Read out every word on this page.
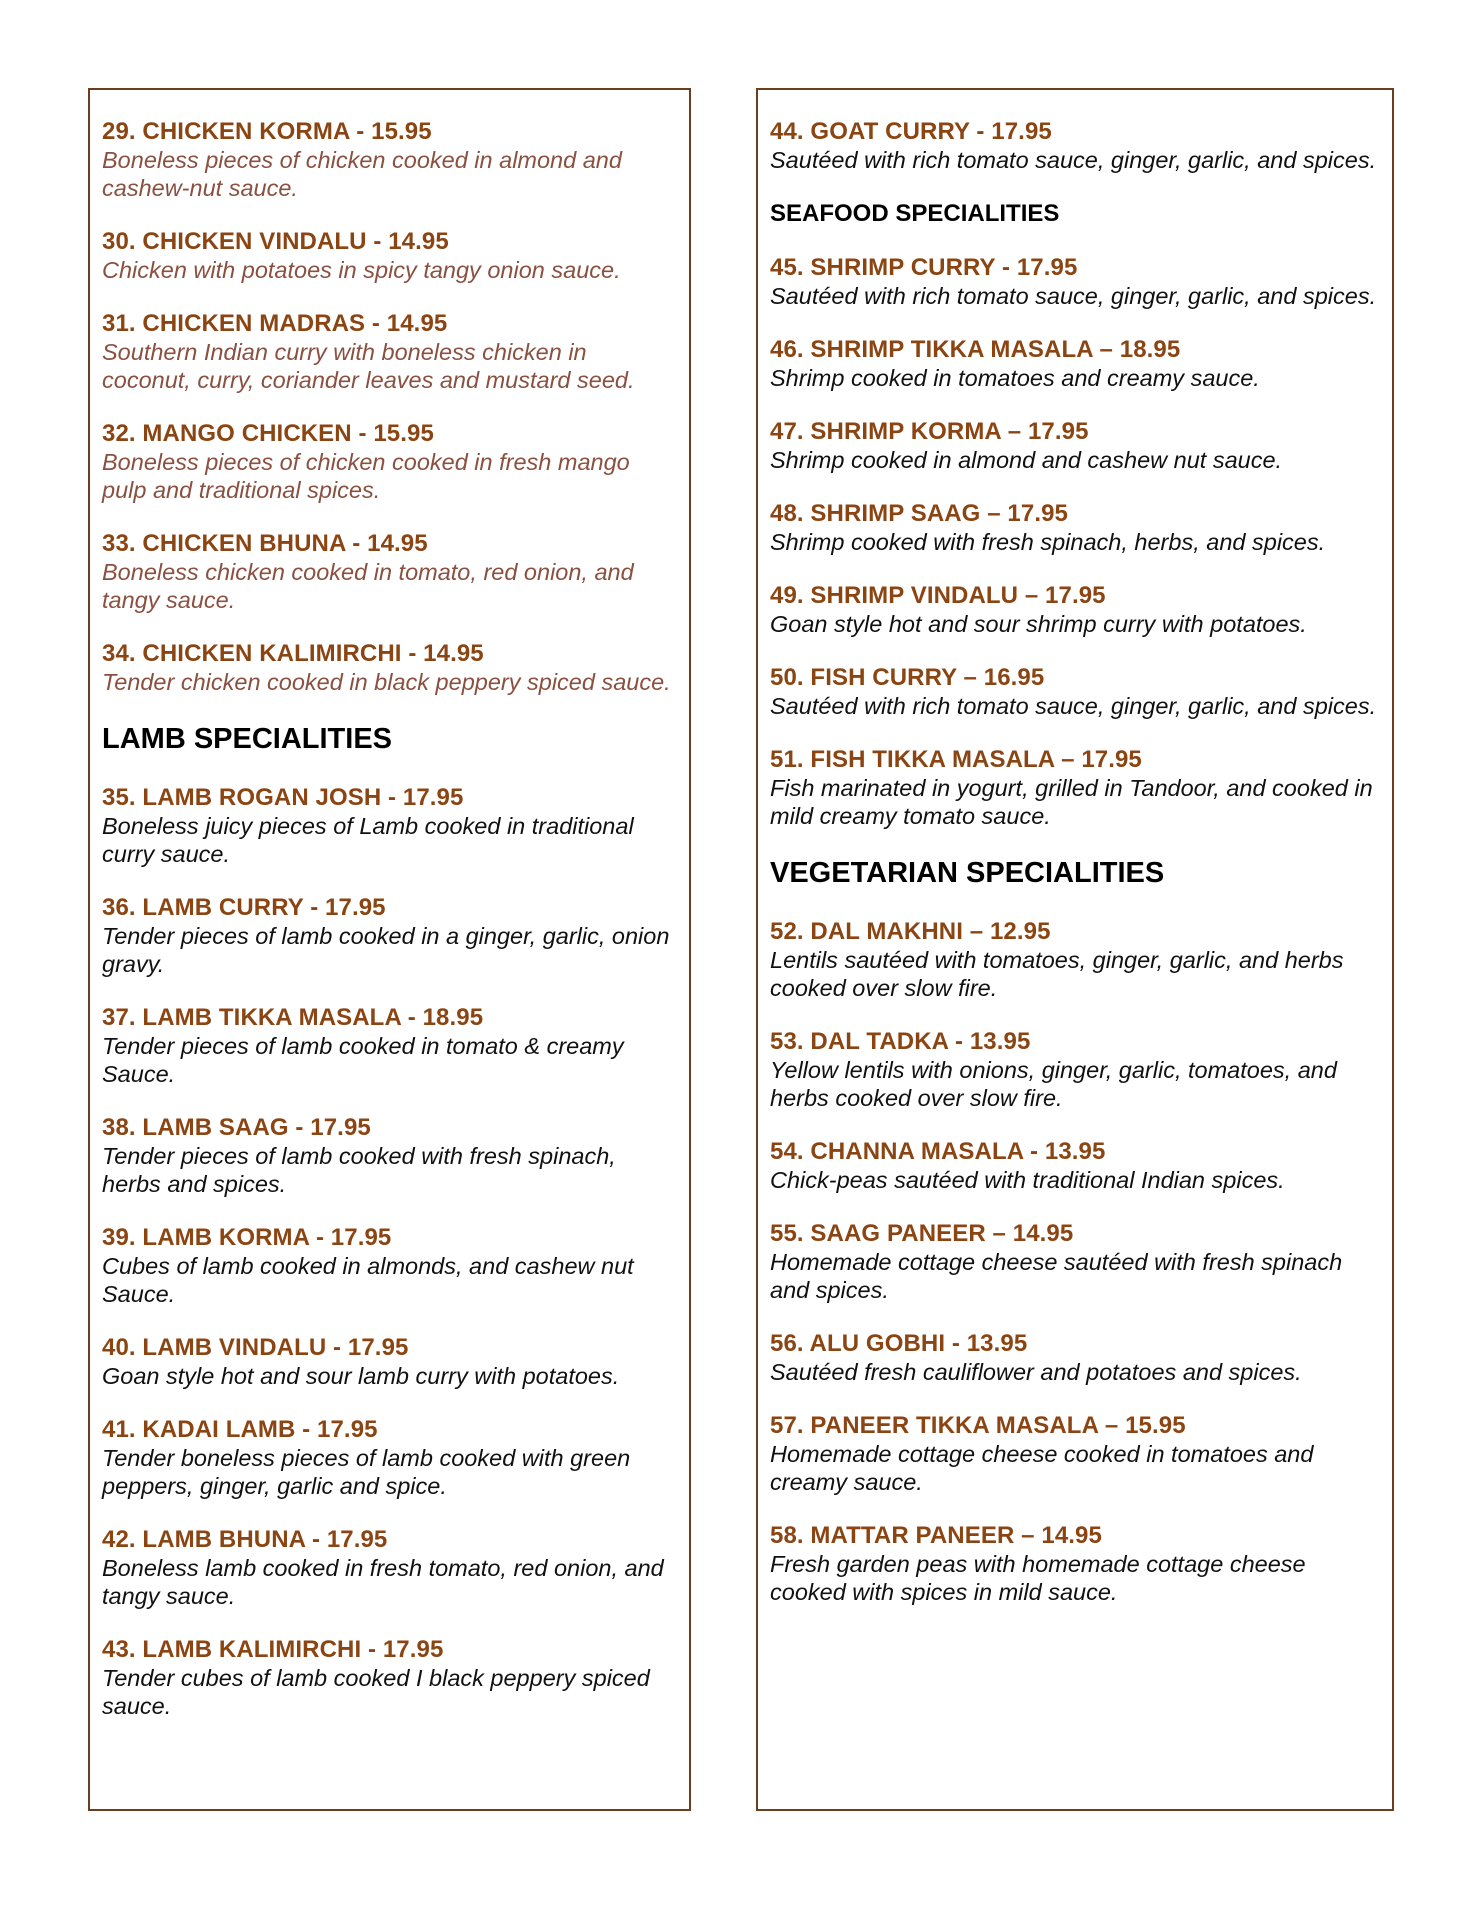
29. CHICKEN KORMA - 15.95
Boneless pieces of chicken cooked in almond and cashew-nut sauce.
30. CHICKEN VINDALU - 14.95
Chicken with potatoes in spicy tangy onion sauce.
31. CHICKEN MADRAS - 14.95
Southern Indian curry with boneless chicken in coconut, curry, coriander leaves and mustard seed.
32. MANGO CHICKEN - 15.95
Boneless pieces of chicken cooked in fresh mango pulp and traditional spices.
33. CHICKEN BHUNA - 14.95
Boneless chicken cooked in tomato, red onion, and tangy sauce.
34. CHICKEN KALIMIRCHI - 14.95
Tender chicken cooked in black peppery spiced sauce.
LAMB SPECIALITIES
35. LAMB ROGAN JOSH - 17.95
Boneless juicy pieces of Lamb cooked in traditional curry sauce.
36. LAMB CURRY - 17.95
Tender pieces of lamb cooked in a ginger, garlic, onion gravy.
37. LAMB TIKKA MASALA - 18.95
Tender pieces of lamb cooked in tomato & creamy Sauce.
38. LAMB SAAG - 17.95
Tender pieces of lamb cooked with fresh spinach, herbs and spices.
39. LAMB KORMA - 17.95
Cubes of lamb cooked in almonds, and cashew nut Sauce.
40. LAMB VINDALU - 17.95
Goan style hot and sour lamb curry with potatoes.
41. KADAI LAMB - 17.95
Tender boneless pieces of lamb cooked with green peppers, ginger, garlic and spice.
42. LAMB BHUNA - 17.95
Boneless lamb cooked in fresh tomato, red onion, and tangy sauce.
43. LAMB KALIMIRCHI - 17.95
Tender cubes of lamb cooked I black peppery spiced sauce.
44. GOAT CURRY - 17.95
Sautéed with rich tomato sauce, ginger, garlic, and spices.
SEAFOOD SPECIALITIES
45. SHRIMP CURRY - 17.95
Sautéed with rich tomato sauce, ginger, garlic, and spices.
46. SHRIMP TIKKA MASALA – 18.95
Shrimp cooked in tomatoes and creamy sauce.
47. SHRIMP KORMA – 17.95
Shrimp cooked in almond and cashew nut sauce.
48. SHRIMP SAAG – 17.95
Shrimp cooked with fresh spinach, herbs, and spices.
49. SHRIMP VINDALU – 17.95
Goan style hot and sour shrimp curry with potatoes.
50. FISH CURRY – 16.95
Sautéed with rich tomato sauce, ginger, garlic, and spices.
51. FISH TIKKA MASALA – 17.95
Fish marinated in yogurt, grilled in Tandoor, and cooked in mild creamy tomato sauce.
VEGETARIAN SPECIALITIES
52. DAL MAKHNI – 12.95
Lentils sautéed with tomatoes, ginger, garlic, and herbs cooked over slow fire.
53. DAL TADKA - 13.95
Yellow lentils with onions, ginger, garlic, tomatoes, and herbs cooked over slow fire.
54. CHANNA MASALA - 13.95
Chick-peas sautéed with traditional Indian spices.
55. SAAG PANEER – 14.95
Homemade cottage cheese sautéed with fresh spinach and spices.
56. ALU GOBHI - 13.95
Sautéed fresh cauliflower and potatoes and spices.
57. PANEER TIKKA MASALA – 15.95
Homemade cottage cheese cooked in tomatoes and creamy sauce.
58. MATTAR PANEER – 14.95
Fresh garden peas with homemade cottage cheese cooked with spices in mild sauce.
